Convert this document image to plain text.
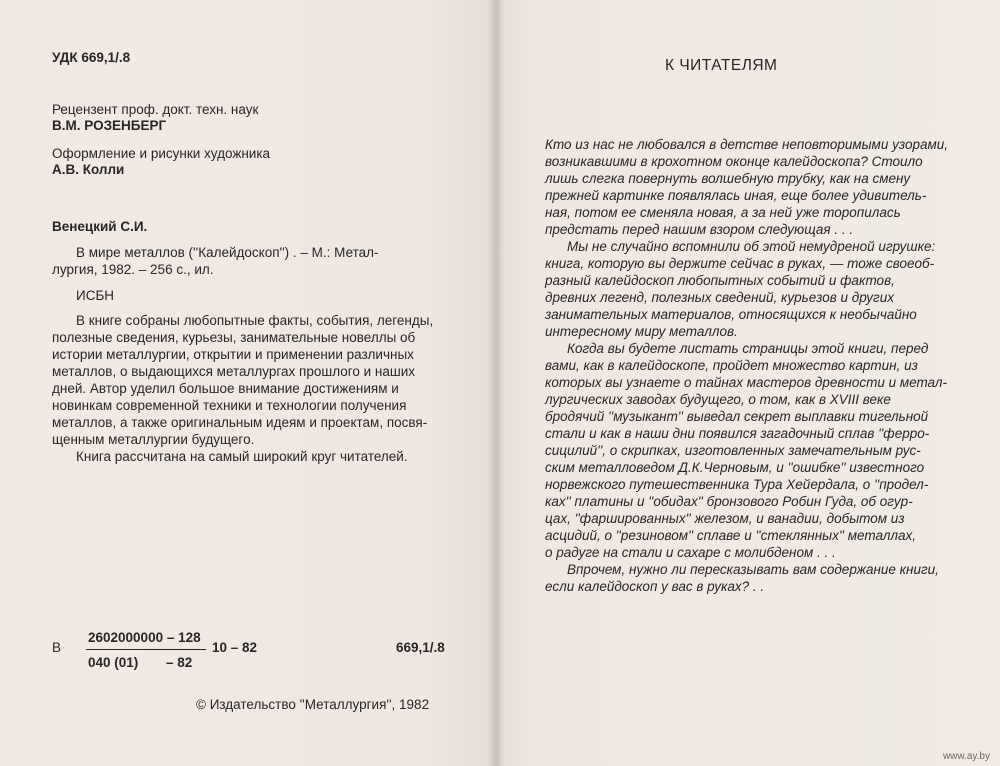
УДК 669,1/.8
Рецензент проф. докт. техн. наук
В.М. РОЗЕНБЕРГ
Оформление и рисунки художника
А.В. Колли
Венецкий С.И.
В мире металлов (''Калейдоскоп'') . – М.: Метал-
лургия, 1982. – 256 с., ил.
ИСБН
В книге собраны любопытные факты, события, легенды,
полезные сведения, курьезы, занимательные новеллы об
истории металлургии, открытии и применении различных
металлов, о выдающихся металлургах прошлого и наших
дней. Автор уделил большое внимание достижениям и
новинкам современной техники и технологии получения
металлов, а также оригинальным идеям и проектам, посвя-
щенным металлургии будущего.
Книга рассчитана на самый широкий круг читателей.
В
2602000000 – 128
040 (01) – 82
10 – 82	669,1/.8
© Издательство ''Металлургия'', 1982
К ЧИТАТЕЛЯМ
Кто из нас не любовался в детстве неповторимыми узорами,
возникавшими в крохотном оконце калейдоскопа? Стоило
лишь слегка повернуть волшебную трубку, как на смену
прежней картинке появлялась иная, еще более удивитель-
ная, потом ее сменяла новая, а за ней уже торопилась
предстать перед нашим взором следующая . . .
Мы не случайно вспомнили об этой немудреной игрушке:
книга, которую вы держите сейчас в руках, — тоже своеоб-
разный калейдоскоп любопытных событий и фактов,
древних легенд, полезных сведений, курьезов и других
занимательных материалов, относящихся к необычайно
интересному миру металлов.
Когда вы будете листать страницы этой книги, перед
вами, как в калейдоскопе, пройдет множество картин, из
которых вы узнаете о тайнах мастеров древности и метал-
лургических заводах будущего, о том, как в XVIII веке
бродячий ''музыкант'' выведал секрет выплавки тигельной
стали и как в наши дни появился загадочный сплав ''ферро-
сицилий'', о скрипках, изготовленных замечательным рус-
ским металловедом Д.К.Черновым, и ''ошибке'' известного
норвежского путешественника Тура Хейердала, о ''продел-
ках'' платины и ''обидах'' бронзового Робин Гуда, об огур-
цах, ''фаршированных'' железом, и ванадии, добытом из
асцидий, о ''резиновом'' сплаве и ''стеклянных'' металлах,
о радуге на стали и сахаре с молибденом . . .
Впрочем, нужно ли пересказывать вам содержание книги,
если калейдоскоп у вас в руках? . .
www.ay.by
